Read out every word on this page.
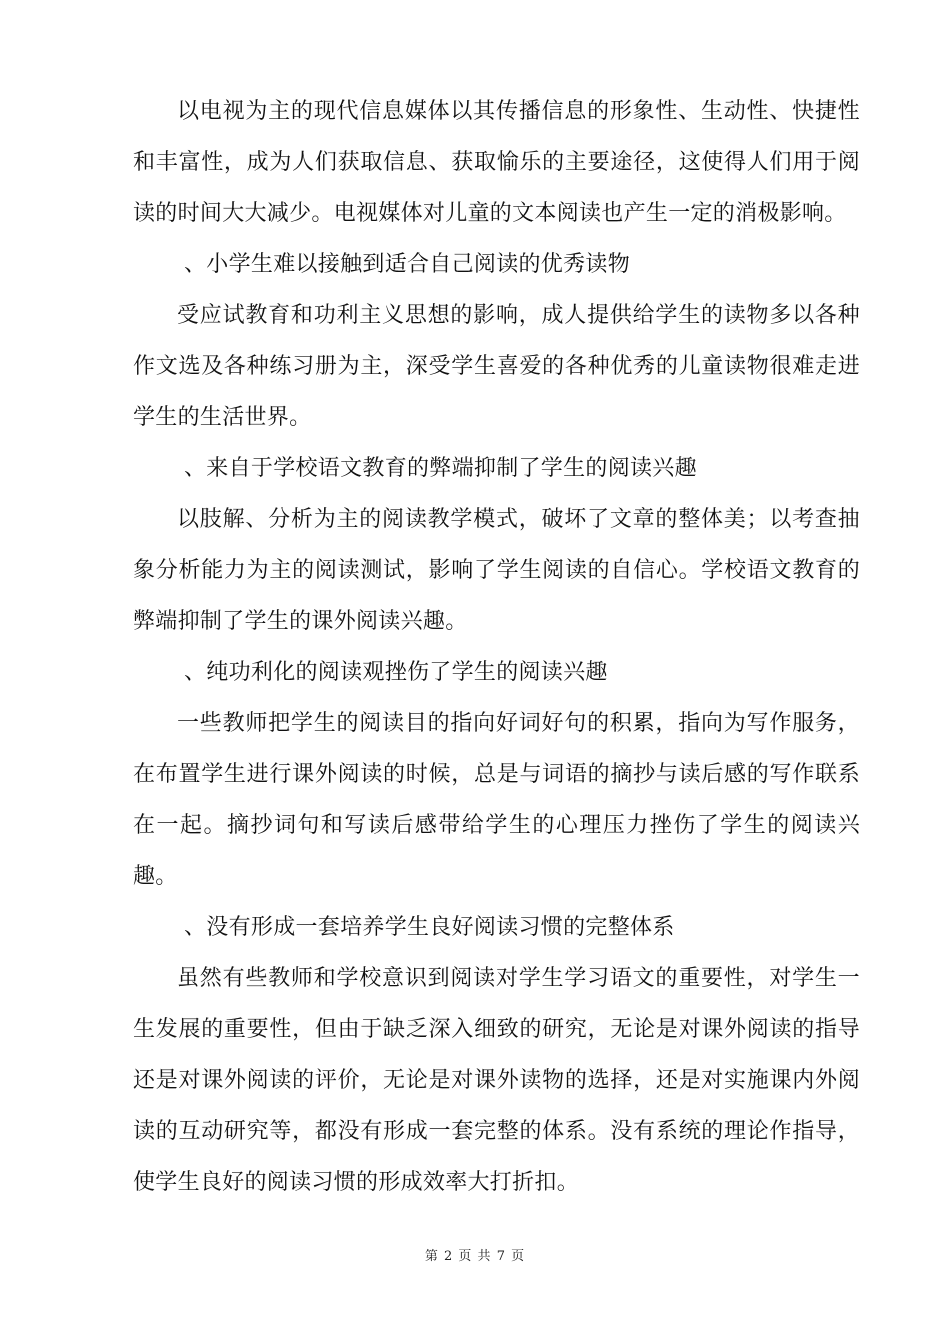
以电视为主的现代信息媒体以其传播信息的形象性、生动性、快捷性和丰富性，成为人们获取信息、获取愉乐的主要途径，这使得人们用于阅读的时间大大减少。电视媒体对儿童的文本阅读也产生一定的消极影响。

、小学生难以接触到适合自己阅读的优秀读物

受应试教育和功利主义思想的影响，成人提供给学生的读物多以各种作文选及各种练习册为主，深受学生喜爱的各种优秀的儿童读物很难走进学生的生活世界。

、来自于学校语文教育的弊端抑制了学生的阅读兴趣

以肢解、分析为主的阅读教学模式，破坏了文章的整体美；以考查抽象分析能力为主的阅读测试，影响了学生阅读的自信心。学校语文教育的弊端抑制了学生的课外阅读兴趣。

、纯功利化的阅读观挫伤了学生的阅读兴趣

一些教师把学生的阅读目的指向好词好句的积累，指向为写作服务，在布置学生进行课外阅读的时候，总是与词语的摘抄与读后感的写作联系在一起。摘抄词句和写读后感带给学生的心理压力挫伤了学生的阅读兴趣。

、没有形成一套培养学生良好阅读习惯的完整体系

虽然有些教师和学校意识到阅读对学生学习语文的重要性，对学生一生发展的重要性，但由于缺乏深入细致的研究，无论是对课外阅读的指导还是对课外阅读的评价，无论是对课外读物的选择，还是对实施课内外阅读的互动研究等，都没有形成一套完整的体系。没有系统的理论作指导，使学生良好的阅读习惯的形成效率大打折扣。

第 2 页 共 7 页
